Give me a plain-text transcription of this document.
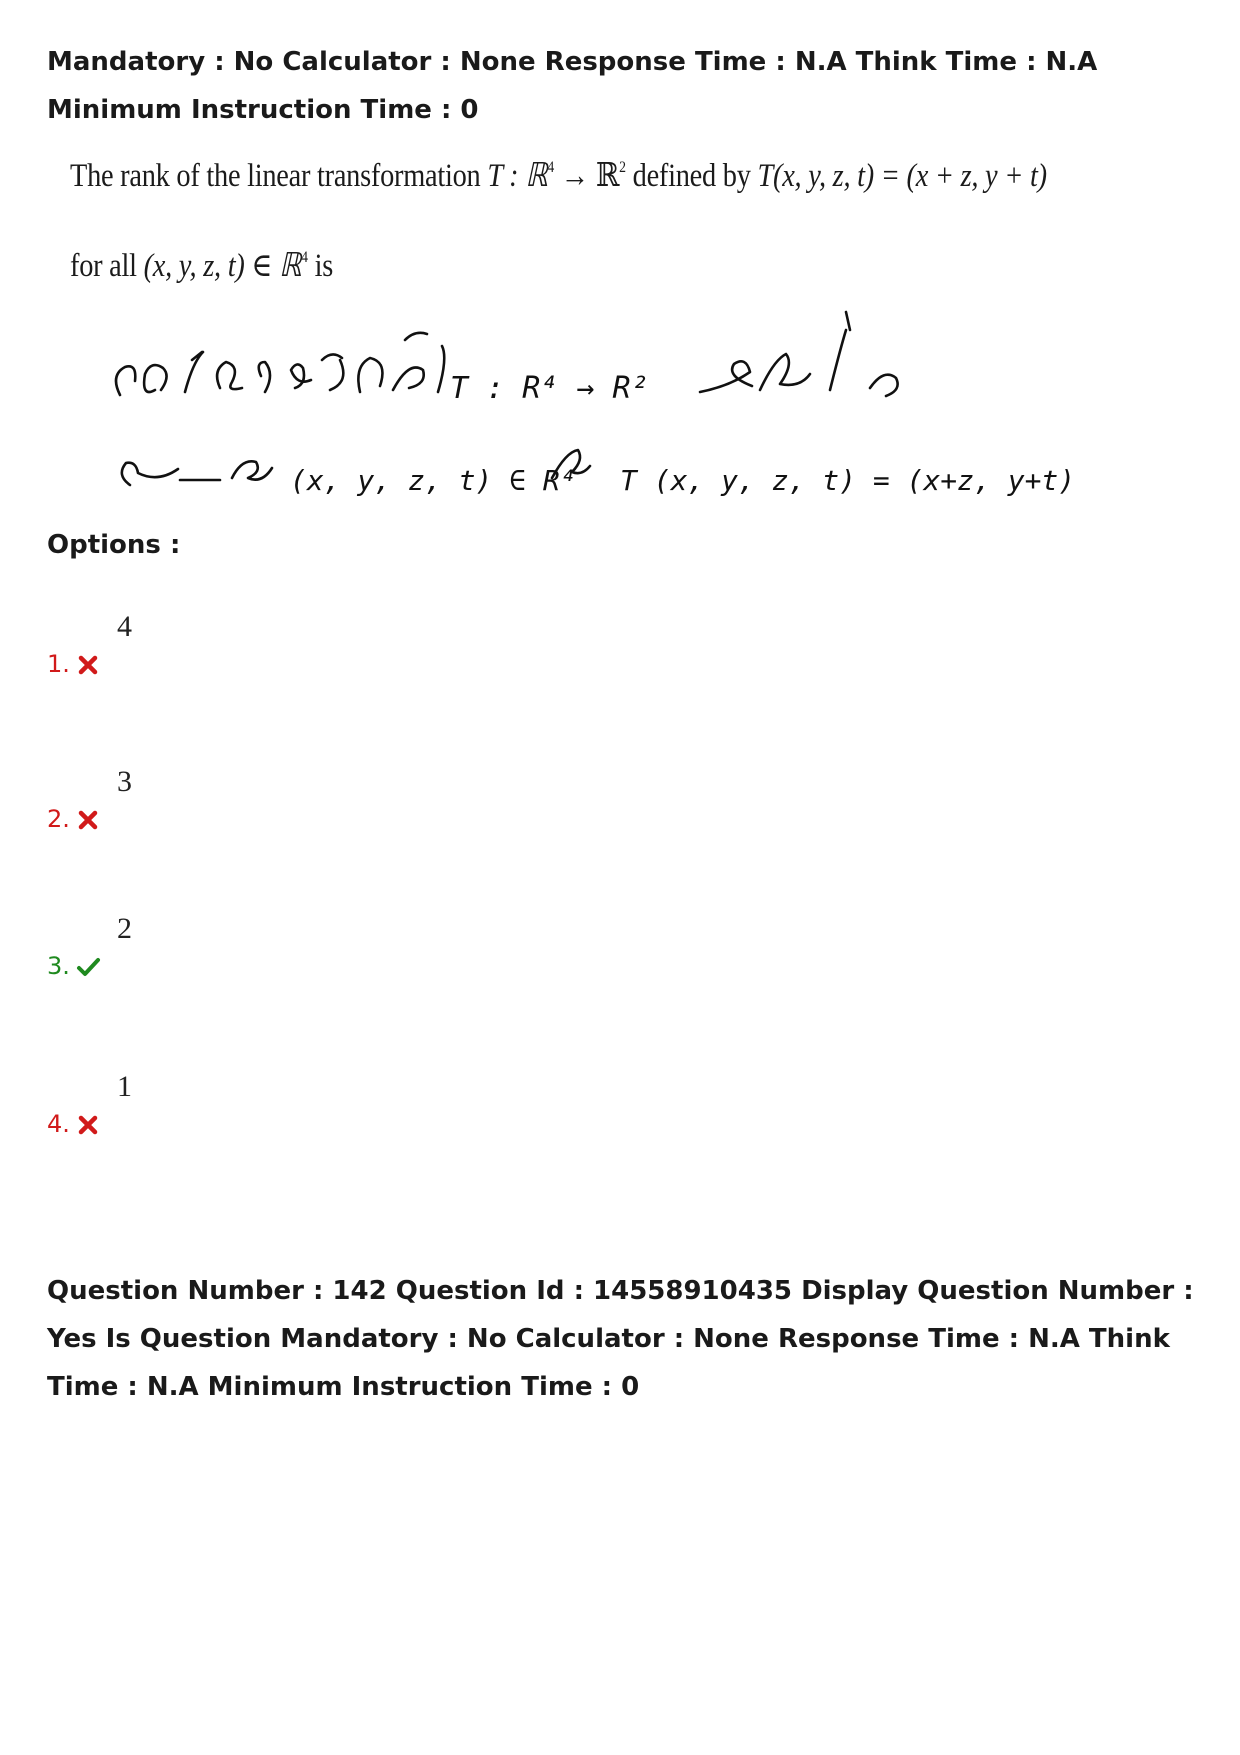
Mandatory : No Calculator : None Response Time : N.A Think Time : N.A Minimum Instruction Time : 0
The rank of the linear transformation T : ℝ$^4$ → ℝ$^2$ defined by T(x, y, z, t) = (x + z, y + t)
for all (x, y, z, t) ∈ ℝ$^4$ is
T : R⁴ → R²
(x, y, z, t) ∈ R⁴ T (x, y, z, t) = (x+z, y+t)
Options :
4
1.
3
2.
2
3.
1
4.
Question Number : 142 Question Id : 14558910435 Display Question Number : Yes Is Question Mandatory : No Calculator : None Response Time : N.A Think Time : N.A Minimum Instruction Time : 0
